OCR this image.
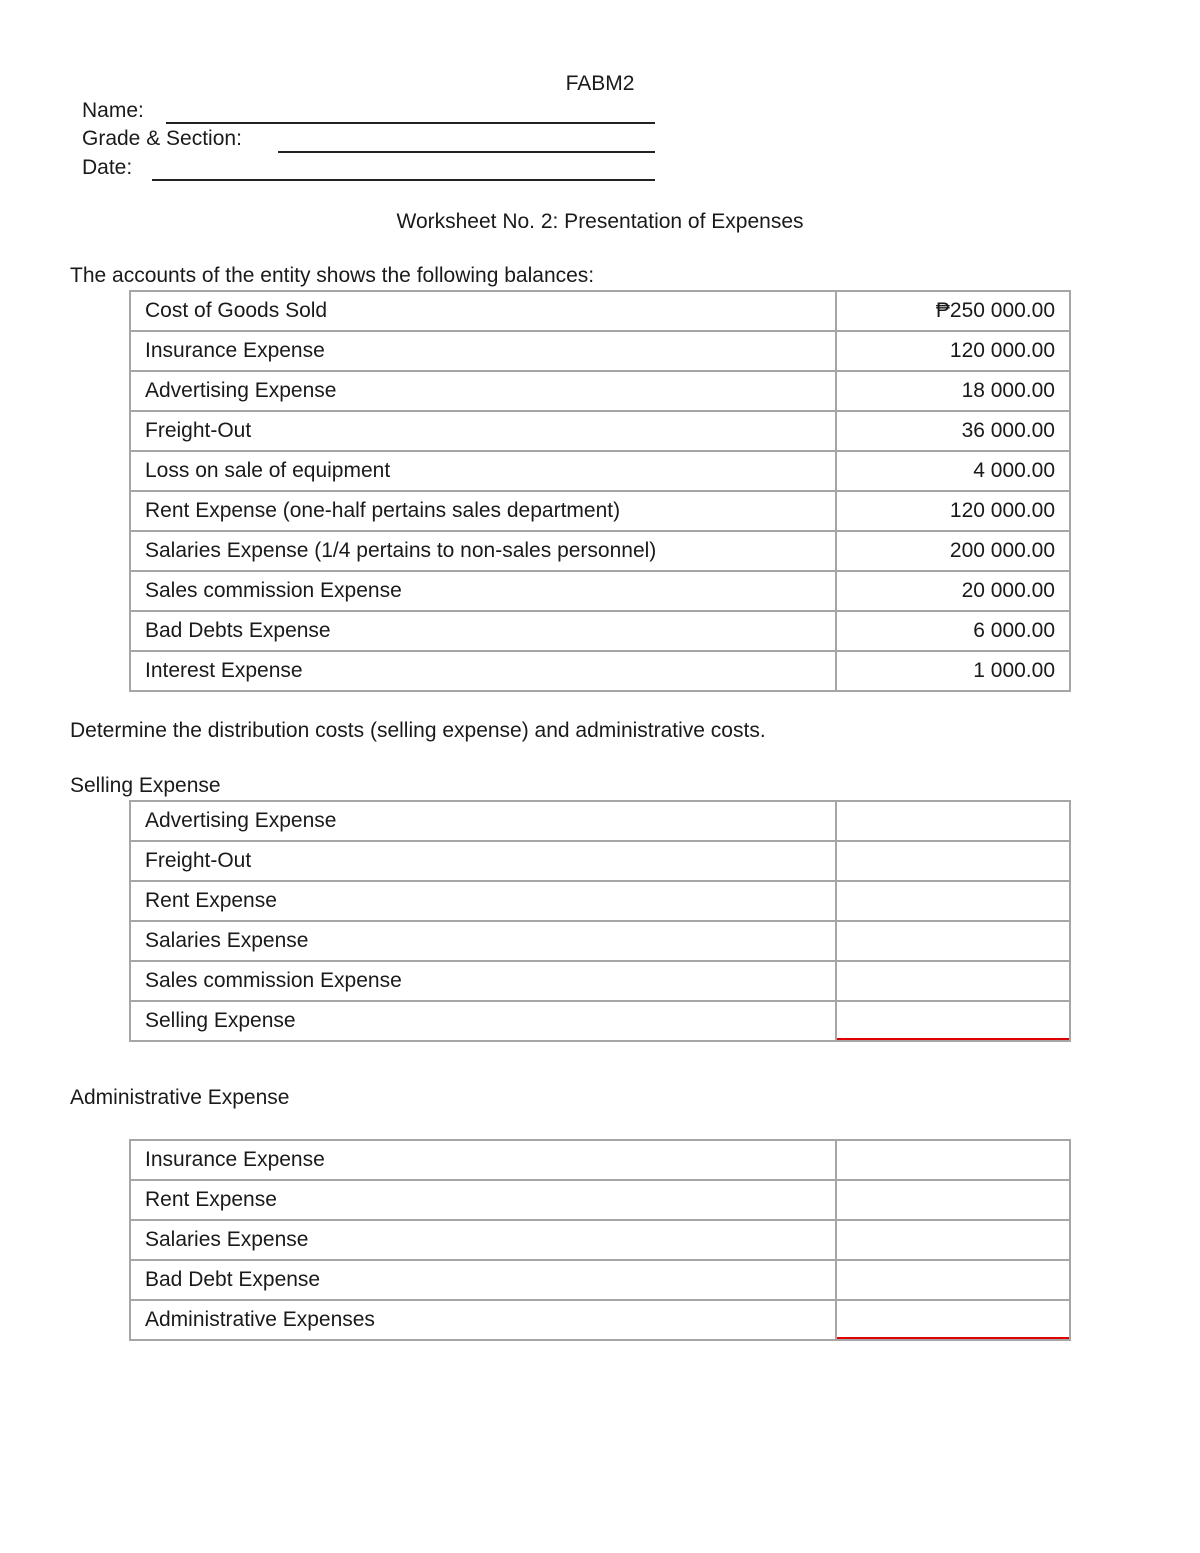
FABM2
Name:
Grade & Section:
Date:
Worksheet No. 2: Presentation of Expenses
The accounts of the entity shows the following balances:
Cost of Goods Sold	₱250 000.00
Insurance Expense	120 000.00
Advertising Expense	18 000.00
Freight-Out	36 000.00
Loss on sale of equipment	4 000.00
Rent Expense (one-half pertains sales department)	120 000.00
Salaries Expense (1/4 pertains to non-sales personnel)	200 000.00
Sales commission Expense	20 000.00
Bad Debts Expense	6 000.00
Interest Expense	1 000.00
Determine the distribution costs (selling expense) and administrative costs.
Selling Expense
Advertising Expense	
Freight-Out	
Rent Expense	
Salaries Expense	
Sales commission Expense	
Selling Expense	
Administrative Expense
Insurance Expense	
Rent Expense	
Salaries Expense	
Bad Debt Expense	
Administrative Expenses	
